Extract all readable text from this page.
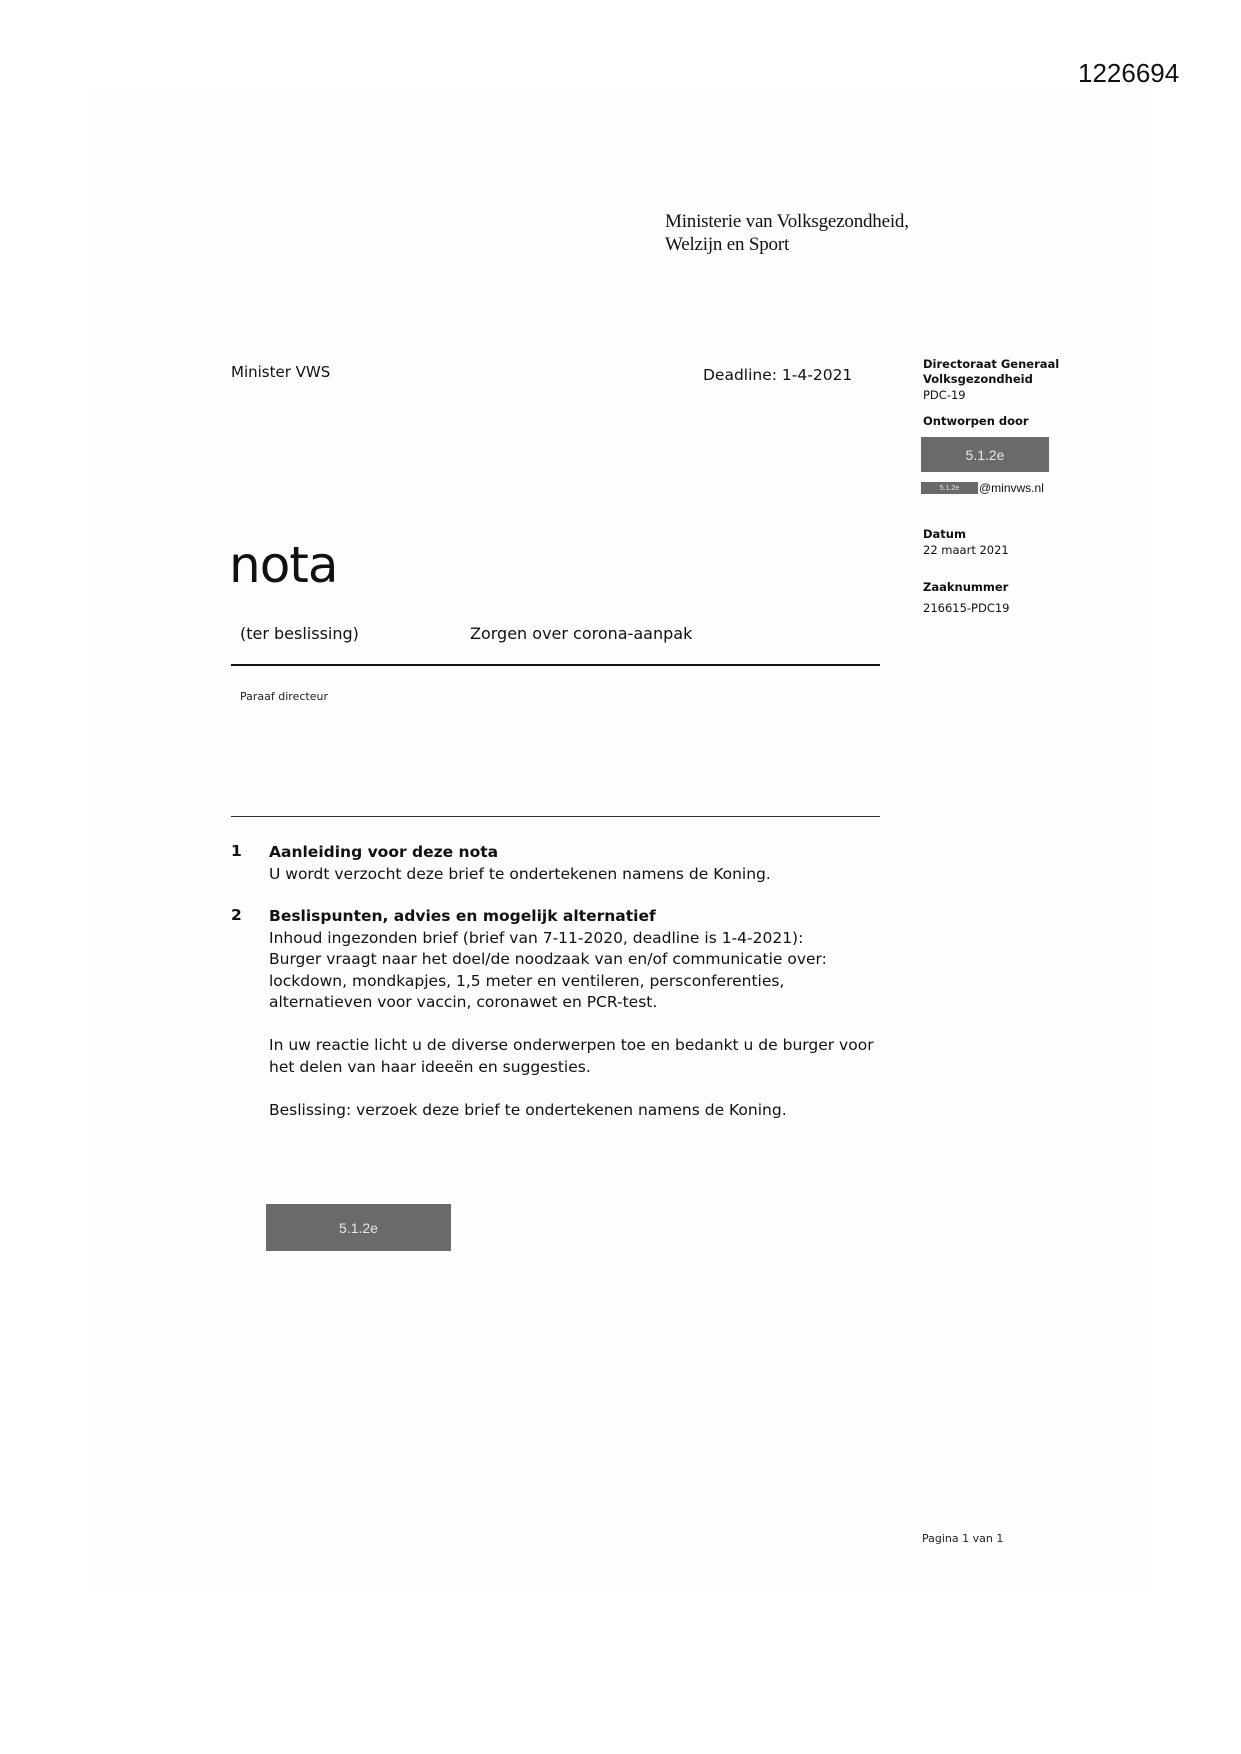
1226694
Ministerie van Volksgezondheid,
Welzijn en Sport
Minister VWS	Deadline: 1-4-2021
Directoraat Generaal
Volksgezondheid
PDC-19
Ontworpen door
5.1.2e
5.1.2e	@minvws.nl
Datum
22 maart 2021
Zaaknummer
216615-PDC19
nota
(ter beslissing)	Zorgen over corona-aanpak
Paraaf directeur
1 Aanleiding voor deze nota
U wordt verzocht deze brief te ondertekenen namens de Koning.
2 Beslispunten, advies en mogelijk alternatief
Inhoud ingezonden brief (brief van 7-11-2020, deadline is 1-4-2021):
Burger vraagt naar het doel/de noodzaak van en/of communicatie over:
lockdown, mondkapjes, 1,5 meter en ventileren, persconferenties,
alternatieven voor vaccin, coronawet en PCR-test.
In uw reactie licht u de diverse onderwerpen toe en bedankt u de burger voor
het delen van haar ideeën en suggesties.
Beslissing: verzoek deze brief te ondertekenen namens de Koning.
5.1.2e
Pagina 1 van 1
